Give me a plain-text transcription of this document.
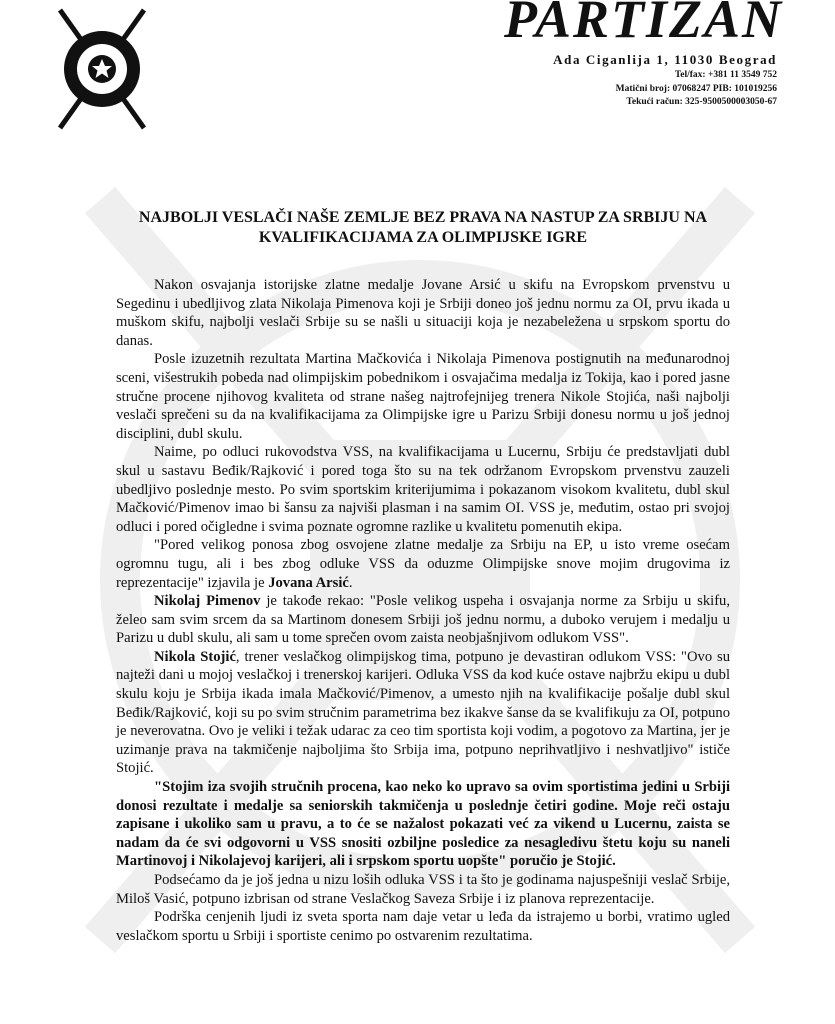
PARTIZAN
Ada Ciganlija 1, 11030 Beograd
Tel/fax: +381 11 3549 752
Matični broj: 07068247 PIB: 101019256
Tekući račun: 325-9500500003050-67
NAJBOLJI VESLAČI NAŠE ZEMLJE BEZ PRAVA NA NASTUP ZA SRBIJU NA KVALIFIKACIJAMA ZA OLIMPIJSKE IGRE

Nakon osvajanja istorijske zlatne medalje Jovane Arsić u skifu na Evropskom prvenstvu u Segedinu i ubedljivog zlata Nikolaja Pimenova koji je Srbiji doneo još jednu normu za OI, prvu ikada u muškom skifu, najbolji veslači Srbije su se našli u situaciji koja je nezabeležena u srpskom sportu do danas.

Posle izuzetnih rezultata Martina Mačkovića i Nikolaja Pimenova postignutih na međunarodnoj sceni, višestrukih pobeda nad olimpijskim pobednikom i osvajačima medalja iz Tokija, kao i pored jasne stručne procene njihovog kvaliteta od strane našeg najtrofejnijeg trenera Nikole Stojića, naši najbolji veslači sprečeni su da na kvalifikacijama za Olimpijske igre u Parizu Srbiji donesu normu u još jednoj disciplini, dubl skulu.

Naime, po odluci rukovodstva VSS, na kvalifikacijama u Lucernu, Srbiju će predstavljati dubl skul u sastavu Beđik/Rajković i pored toga što su na tek održanom Evropskom prvenstvu zauzeli ubedljivo poslednje mesto. Po svim sportskim kriterijumima i pokazanom visokom kvalitetu, dubl skul Mačković/Pimenov imao bi šansu za najviši plasman i na samim OI. VSS je, međutim, ostao pri svojoj odluci i pored očigledne i svima poznate ogromne razlike u kvalitetu pomenutih ekipa.

"Pored velikog ponosa zbog osvojene zlatne medalje za Srbiju na EP, u isto vreme osećam ogromnu tugu, ali i bes zbog odluke VSS da oduzme Olimpijske snove mojim drugovima iz reprezentacije" izjavila je Jovana Arsić.

Nikolaj Pimenov je takođe rekao: "Posle velikog uspeha i osvajanja norme za Srbiju u skifu, želeo sam svim srcem da sa Martinom donesem Srbiji još jednu normu, a duboko verujem i medalju u Parizu u dubl skulu, ali sam u tome sprečen ovom zaista neobjašnjivom odlukom VSS".

Nikola Stojić, trener veslačkog olimpijskog tima, potpuno je devastiran odlukom VSS: "Ovo su najteži dani u mojoj veslačkoj i trenerskoj karijeri. Odluka VSS da kod kuće ostave najbržu ekipu u dubl skulu koju je Srbija ikada imala Mačković/Pimenov, a umesto njih na kvalifikacije pošalje dubl skul Beđik/Rajković, koji su po svim stručnim parametrima bez ikakve šanse da se kvalifikuju za OI, potpuno je neverovatna. Ovo je veliki i težak udarac za ceo tim sportista koji vodim, a pogotovo za Martina, jer je uzimanje prava na takmičenje najboljima što Srbija ima, potpuno neprihvatljivo i neshvatljivo" ističe Stojić.

"Stojim iza svojih stručnih procena, kao neko ko upravo sa ovim sportistima jedini u Srbiji donosi rezultate i medalje sa seniorskih takmičenja u poslednje četiri godine. Moje reči ostaju zapisane i ukoliko sam u pravu, a to će se nažalost pokazati već za vikend u Lucernu, zaista se nadam da će svi odgovorni u VSS snositi ozbiljne posledice za nesagledivu štetu koju su naneli Martinovoj i Nikolajevoj karijeri, ali i srpskom sportu uopšte" poručio je Stojić.

Podsećamo da je još jedna u nizu loših odluka VSS i ta što je godinama najuspešniji veslač Srbije, Miloš Vasić, potpuno izbrisan od strane Veslačkog Saveza Srbije i iz planova reprezentacije.

Podrška cenjenih ljudi iz sveta sporta nam daje vetar u leđa da istrajemo u borbi, vratimo ugled veslačkom sportu u Srbiji i sportiste cenimo po ostvarenim rezultatima.
